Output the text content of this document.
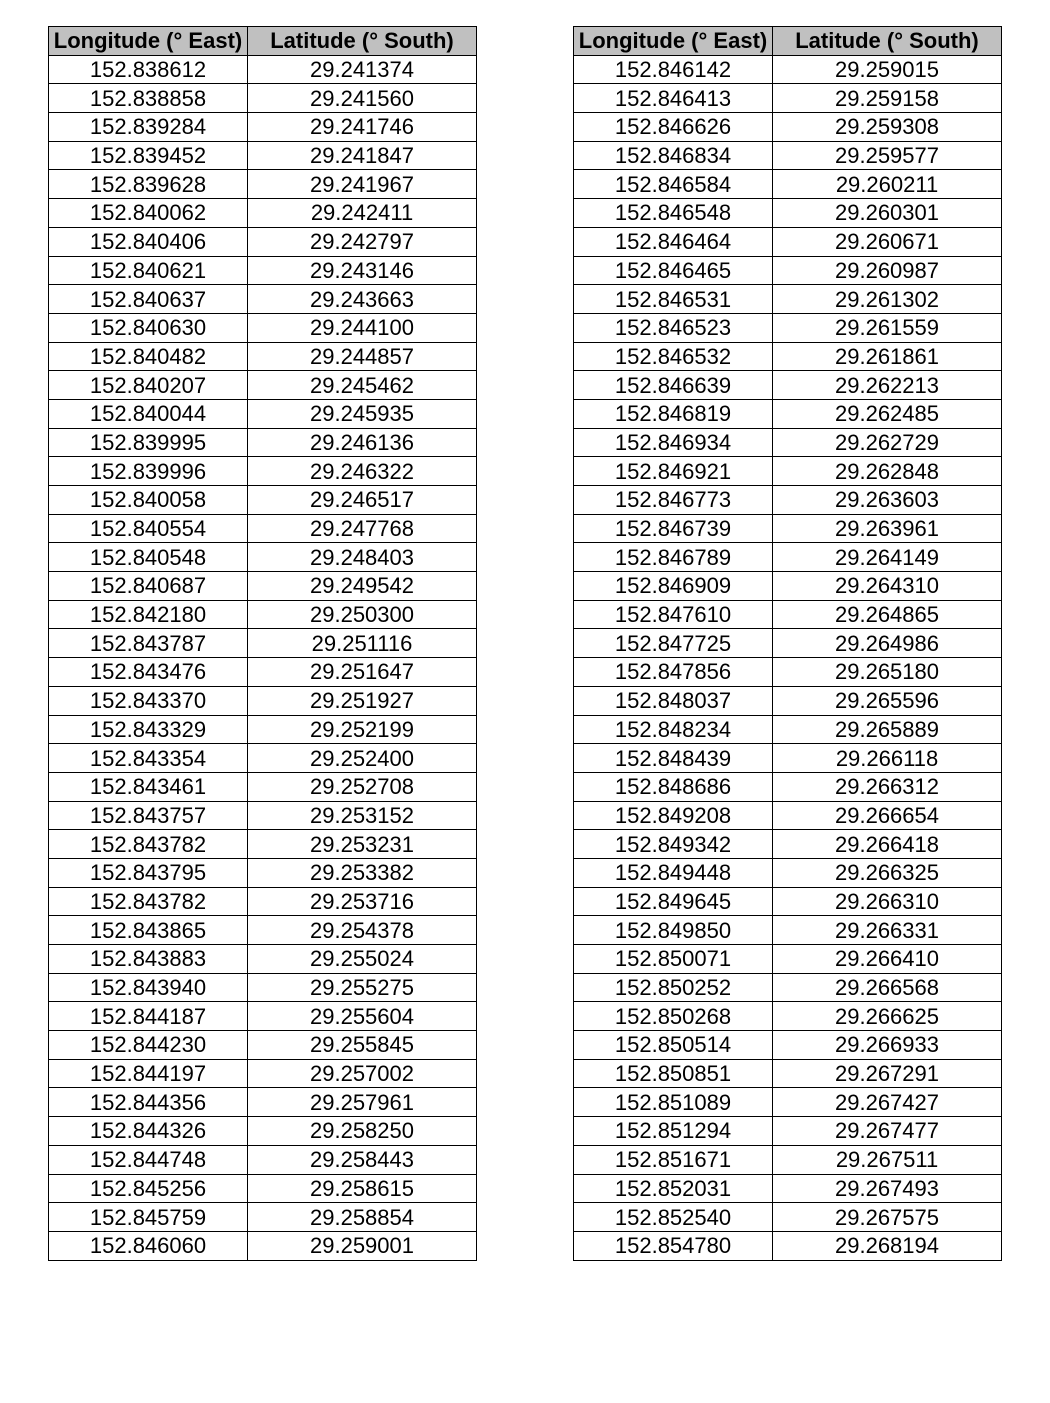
Longitude (° East)	Latitude (° South)
152.838612	29.241374
152.838858	29.241560
152.839284	29.241746
152.839452	29.241847
152.839628	29.241967
152.840062	29.242411
152.840406	29.242797
152.840621	29.243146
152.840637	29.243663
152.840630	29.244100
152.840482	29.244857
152.840207	29.245462
152.840044	29.245935
152.839995	29.246136
152.839996	29.246322
152.840058	29.246517
152.840554	29.247768
152.840548	29.248403
152.840687	29.249542
152.842180	29.250300
152.843787	29.251116
152.843476	29.251647
152.843370	29.251927
152.843329	29.252199
152.843354	29.252400
152.843461	29.252708
152.843757	29.253152
152.843782	29.253231
152.843795	29.253382
152.843782	29.253716
152.843865	29.254378
152.843883	29.255024
152.843940	29.255275
152.844187	29.255604
152.844230	29.255845
152.844197	29.257002
152.844356	29.257961
152.844326	29.258250
152.844748	29.258443
152.845256	29.258615
152.845759	29.258854
152.846060	29.259001
Longitude (° East)	Latitude (° South)
152.846142	29.259015
152.846413	29.259158
152.846626	29.259308
152.846834	29.259577
152.846584	29.260211
152.846548	29.260301
152.846464	29.260671
152.846465	29.260987
152.846531	29.261302
152.846523	29.261559
152.846532	29.261861
152.846639	29.262213
152.846819	29.262485
152.846934	29.262729
152.846921	29.262848
152.846773	29.263603
152.846739	29.263961
152.846789	29.264149
152.846909	29.264310
152.847610	29.264865
152.847725	29.264986
152.847856	29.265180
152.848037	29.265596
152.848234	29.265889
152.848439	29.266118
152.848686	29.266312
152.849208	29.266654
152.849342	29.266418
152.849448	29.266325
152.849645	29.266310
152.849850	29.266331
152.850071	29.266410
152.850252	29.266568
152.850268	29.266625
152.850514	29.266933
152.850851	29.267291
152.851089	29.267427
152.851294	29.267477
152.851671	29.267511
152.852031	29.267493
152.852540	29.267575
152.854780	29.268194
